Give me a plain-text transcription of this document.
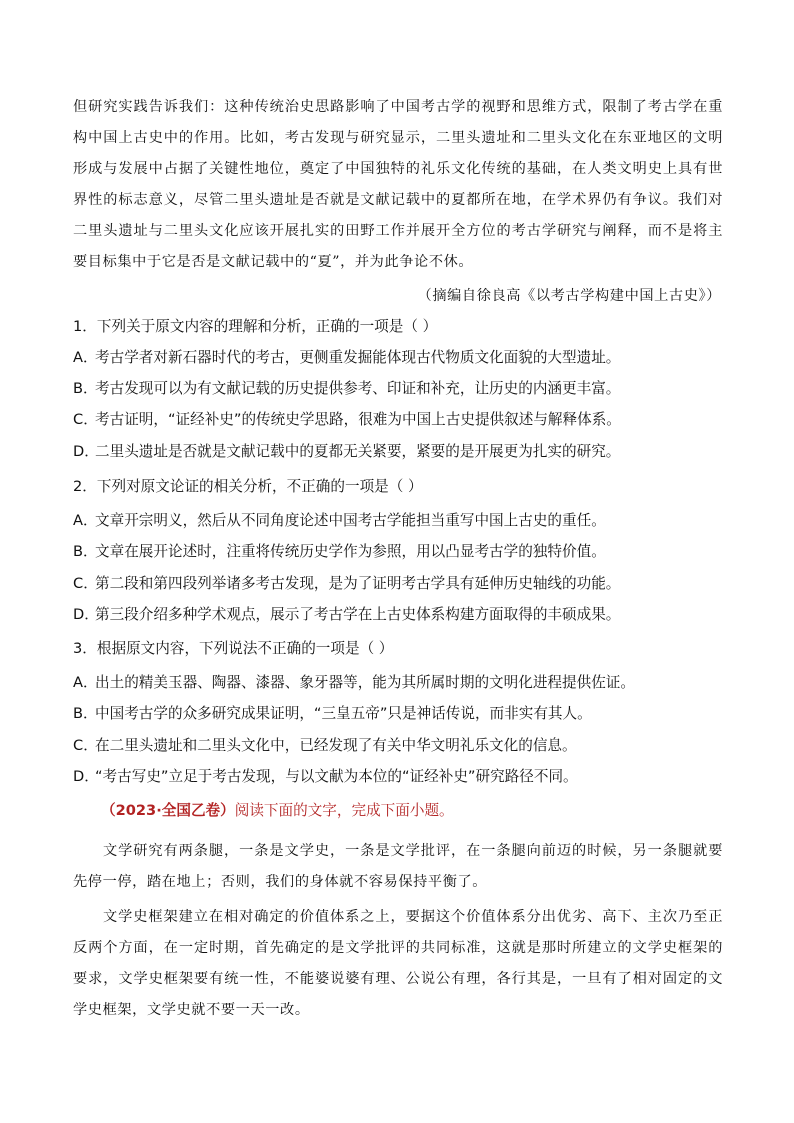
但研究实践告诉我们：这种传统治史思路影响了中国考古学的视野和思维方式，限制了考古学在重构中国上古史中的作用。比如，考古发现与研究显示，二里头遗址和二里头文化在东亚地区的文明形成与发展中占据了关键性地位，奠定了中国独特的礼乐文化传统的基础，在人类文明史上具有世界性的标志意义，尽管二里头遗址是否就是文献记载中的夏都所在地，在学术界仍有争议。我们对二里头遗址与二里头文化应该开展扎实的田野工作并展开全方位的考古学研究与阐释，而不是将主要目标集中于它是否是文献记载中的“夏”，并为此争论不休。
（摘编自徐良高《以考古学构建中国上古史》）
1．下列关于原文内容的理解和分析，正确的一项是（ ）
A．考古学者对新石器时代的考古，更侧重发掘能体现古代物质文化面貌的大型遗址。
B．考古发现可以为有文献记载的历史提供参考、印证和补充，让历史的内涵更丰富。
C．考古证明，“证经补史”的传统史学思路，很难为中国上古史提供叙述与解释体系。
D．二里头遗址是否就是文献记载中的夏都无关紧要，紧要的是开展更为扎实的研究。
2．下列对原文论证的相关分析，不正确的一项是（ ）
A．文章开宗明义，然后从不同角度论述中国考古学能担当重写中国上古史的重任。
B．文章在展开论述时，注重将传统历史学作为参照，用以凸显考古学的独特价值。
C．第二段和第四段列举诸多考古发现，是为了证明考古学具有延伸历史轴线的功能。
D．第三段介绍多种学术观点，展示了考古学在上古史体系构建方面取得的丰硕成果。
3．根据原文内容，下列说法不正确的一项是（ ）
A．出土的精美玉器、陶器、漆器、象牙器等，能为其所属时期的文明化进程提供佐证。
B．中国考古学的众多研究成果证明，“三皇五帝”只是神话传说，而非实有其人。
C．在二里头遗址和二里头文化中，已经发现了有关中华文明礼乐文化的信息。
D．“考古写史”立足于考古发现，与以文献为本位的“证经补史”研究路径不同。
（2023·全国乙卷）阅读下面的文字，完成下面小题。
文学研究有两条腿，一条是文学史，一条是文学批评，在一条腿向前迈的时候，另一条腿就要先停一停，踏在地上；否则，我们的身体就不容易保持平衡了。
文学史框架建立在相对确定的价值体系之上，要据这个价值体系分出优劣、高下、主次乃至正反两个方面，在一定时期，首先确定的是文学批评的共同标准，这就是那时所建立的文学史框架的要求，文学史框架要有统一性，不能婆说婆有理、公说公有理，各行其是，一旦有了相对固定的文学史框架，文学史就不要一天一改。
